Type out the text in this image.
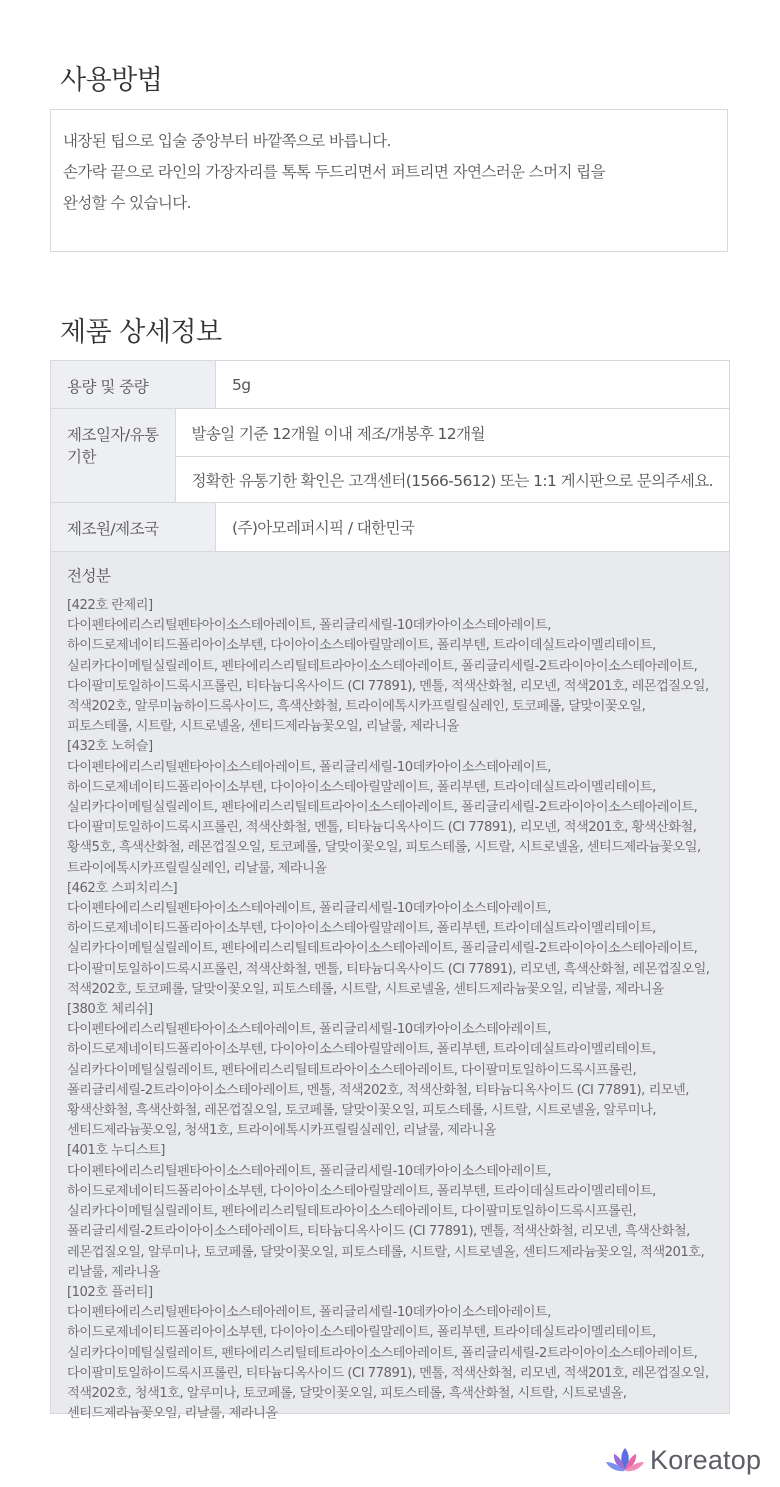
사용방법

내장된 팁으로 입술 중앙부터 바깥쪽으로 바릅니다.

손가락 끝으로 라인의 가장자리를 톡톡 두드리면서 퍼트리면 자연스러운 스머지 립을

완성할 수 있습니다.

제품 상세정보
용량 및 중량	5g
제조일자/유통기한
발송일 기준 12개월 이내 제조/개봉후 12개월
정확한 유통기한 확인은 고객센터(1566-5612) 또는 1:1 게시판으로 문의주세요.
제조원/제조국	(주)아모레퍼시픽 / 대한민국
전성분
[422호 란제리]
다이펜타에리스리틸펜타아이소스테아레이트, 폴리글리세릴-10데카아이소스테아레이트, 하이드로제네이티드폴리아이소부텐, 다이아이소스테아릴말레이트, 폴리부텐, 트라이데실트라이멜리테이트, 실리카다이메틸실릴레이트, 펜타에리스리틸테트라아이소스테아레이트, 폴리글리세릴-2트라이아이소스테아레이트, 다이팔미토일하이드록시프롤린, 티타늄디옥사이드 (CI 77891), 멘톨, 적색산화철, 리모넨, 적색201호, 레몬껍질오일, 적색202호, 알루미늄하이드록사이드, 흑색산화철, 트라이에톡시카프릴릴실레인, 토코페롤, 달맞이꽃오일, 피토스테롤, 시트랄, 시트로넬올, 센티드제라늄꽃오일, 리날룰, 제라니올
[432호 노허슬]
다이펜타에리스리틸펜타아이소스테아레이트, 폴리글리세릴-10데카아이소스테아레이트, 하이드로제네이티드폴리아이소부텐, 다이아이소스테아릴말레이트, 폴리부텐, 트라이데실트라이멜리테이트, 실리카다이메틸실릴레이트, 펜타에리스리틸테트라아이소스테아레이트, 폴리글리세릴-2트라이아이소스테아레이트, 다이팔미토일하이드록시프롤린, 적색산화철, 멘톨, 티타늄디옥사이드 (CI 77891), 리모넨, 적색201호, 황색산화철, 황색5호, 흑색산화철, 레몬껍질오일, 토코페롤, 달맞이꽃오일, 피토스테롤, 시트랄, 시트로넬올, 센티드제라늄꽃오일, 트라이에톡시카프릴릴실레인, 리날룰, 제라니올
[462호 스피치리스]
다이펜타에리스리틸펜타아이소스테아레이트, 폴리글리세릴-10데카아이소스테아레이트, 하이드로제네이티드폴리아이소부텐, 다이아이소스테아릴말레이트, 폴리부텐, 트라이데실트라이멜리테이트, 실리카다이메틸실릴레이트, 펜타에리스리틸테트라아이소스테아레이트, 폴리글리세릴-2트라이아이소스테아레이트, 다이팔미토일하이드록시프롤린, 적색산화철, 멘톨, 티타늄디옥사이드 (CI 77891), 리모넨, 흑색산화철, 레몬껍질오일, 적색202호, 토코페롤, 달맞이꽃오일, 피토스테롤, 시트랄, 시트로넬올, 센티드제라늄꽃오일, 리날룰, 제라니올
[380호 체리쉬]
다이펜타에리스리틸펜타아이소스테아레이트, 폴리글리세릴-10데카아이소스테아레이트, 하이드로제네이티드폴리아이소부텐, 다이아이소스테아릴말레이트, 폴리부텐, 트라이데실트라이멜리테이트, 실리카다이메틸실릴레이트, 펜타에리스리틸테트라아이소스테아레이트, 다이팔미토일하이드록시프롤린, 폴리글리세릴-2트라이아이소스테아레이트, 멘톨, 적색202호, 적색산화철, 티타늄디옥사이드 (CI 77891), 리모넨, 황색산화철, 흑색산화철, 레몬껍질오일, 토코페롤, 달맞이꽃오일, 피토스테롤, 시트랄, 시트로넬올, 알루미나, 센티드제라늄꽃오일, 청색1호, 트라이에톡시카프릴릴실레인, 리날룰, 제라니올
[401호 누디스트]
다이펜타에리스리틸펜타아이소스테아레이트, 폴리글리세릴-10데카아이소스테아레이트, 하이드로제네이티드폴리아이소부텐, 다이아이소스테아릴말레이트, 폴리부텐, 트라이데실트라이멜리테이트, 실리카다이메틸실릴레이트, 펜타에리스리틸테트라아이소스테아레이트, 다이팔미토일하이드록시프롤린, 폴리글리세릴-2트라이아이소스테아레이트, 티타늄디옥사이드 (CI 77891), 멘톨, 적색산화철, 리모넨, 흑색산화철, 레몬껍질오일, 알루미나, 토코페롤, 달맞이꽃오일, 피토스테롤, 시트랄, 시트로넬올, 센티드제라늄꽃오일, 적색201호, 리날룰, 제라니올
[102호 플러티]
다이펜타에리스리틸펜타아이소스테아레이트, 폴리글리세릴-10데카아이소스테아레이트, 하이드로제네이티드폴리아이소부텐, 다이아이소스테아릴말레이트, 폴리부텐, 트라이데실트라이멜리테이트, 실리카다이메틸실릴레이트, 펜타에리스리틸테트라아이소스테아레이트, 폴리글리세릴-2트라이아이소스테아레이트, 다이팔미토일하이드록시프롤린, 티타늄디옥사이드 (CI 77891), 멘톨, 적색산화철, 리모넨, 적색201호, 레몬껍질오일, 적색202호, 청색1호, 알루미나, 토코페롤, 달맞이꽃오일, 피토스테롤, 흑색산화철, 시트랄, 시트로넬올, 센티드제라늄꽃오일, 리날룰, 제라니올
Koreatop
